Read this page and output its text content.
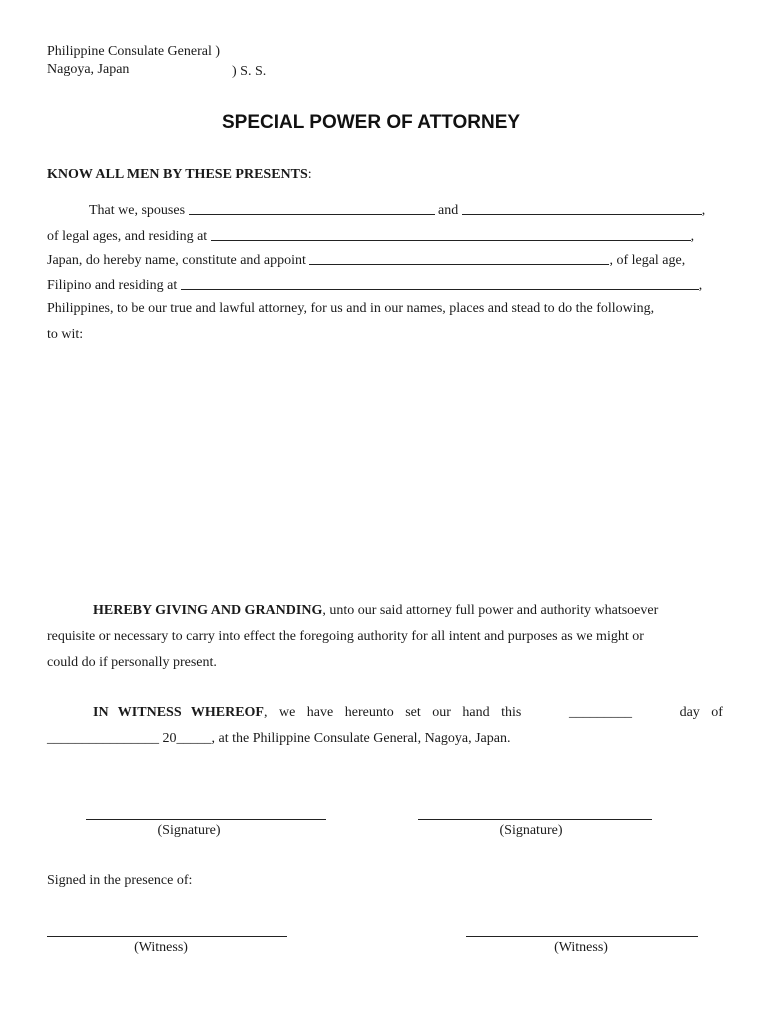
Philippine Consulate General )
Nagoya, Japan	) S. S.
SPECIAL POWER OF ATTORNEY
KNOW ALL MEN BY THESE PRESENTS:
That we, spouses	and	,
of legal ages, and residing at	,
Japan, do hereby name, constitute and appoint	, of legal age,
Filipino and residing at	,
Philippines, to be our true and lawful attorney, for us and in our names, places and stead to do the following,
to wit:
HEREBY GIVING AND GRANDING, unto our said attorney full power and authority whatsoever
requisite or necessary to carry into effect the foregoing authority for all intent and purposes as we might or
could do if personally present.
IN WITNESS WHEREOF, we have hereunto set our hand this	_________	day of
________________ 20_____, at the Philippine Consulate General, Nagoya, Japan.
(Signature)	(Signature)
Signed in the presence of:
(Witness)	(Witness)
